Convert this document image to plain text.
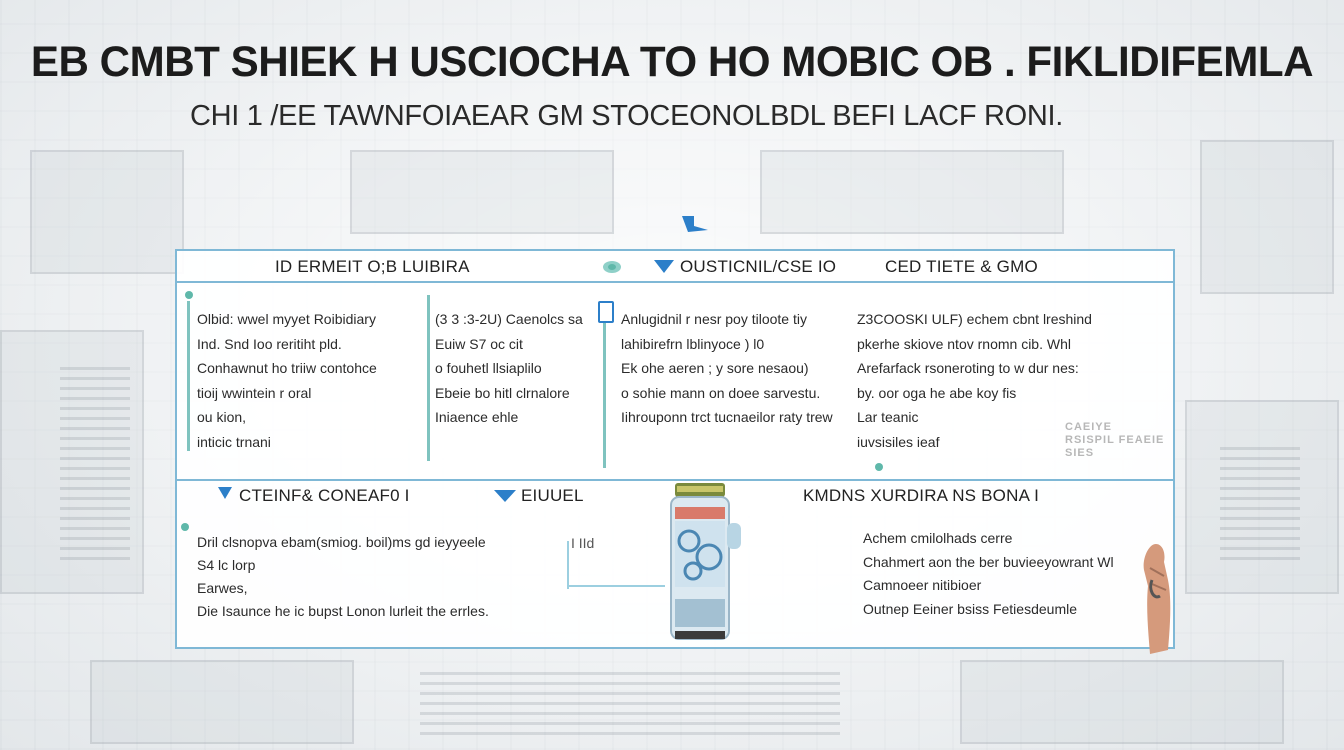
EB CMBT SHIEK H USCIOCHA TO HO MOBIC OB . FIKLIDIFEMLA
CHI 1 /EE TAWNFOIAEAR GM STOCEONOLBDL BEFI LACF RONI.
ID ERMEIT O;B LUIBIRA	OUSTICNIL/CSE IO	CED TIETE & GMO
Olbid: wwel myyet Roibidiary
Ind. Snd Ioo reritiht pld.
Conhawnut ho triiw contohce
tioij wwintein r oral
ou kion,
inticic trnani
(3 3 :3-2U) Caenolcs sa
Euiw S7 oc cit
o fouhetl llsiaplilo
Ebeie bo hitl clrnalore
Iniaence ehle
Anlugidnil r nesr poy tiloote tiy
lahibirefrn lblinyoce ) l0
Ek ohe aeren ; y sore nesaou)
o sohie mann on doee sarvestu.
Iihrouponn trct tucnaeilor raty trew
Z3COOSKI ULF) echem cbnt lreshind
pkerhe skiove ntov rnomn cib. Whl
Arefarfack rsoneroting to w dur nes:
by. oor oga he abe koy fis
Lar teanic
iuvsisiles ieaf
CAEIYE RSISPIL FEAEIE SIES
CTEINF& CONEAF0 I	EIUUEL	KMDNS XURDIRA NS BONA I
Dril clsnopva ebam(smiog. boil)ms gd ieyyeele
S4 lc lorp
Earwes,
Die Isaunce he ic bupst Lonon lurleit the errles.
I IId	Achem cmilolhads cerre
Chahmert aon the ber buvieeyowrant Wl
Camnoeer nitibioer
Outnep Eeiner bsiss Fetiesdeumle
